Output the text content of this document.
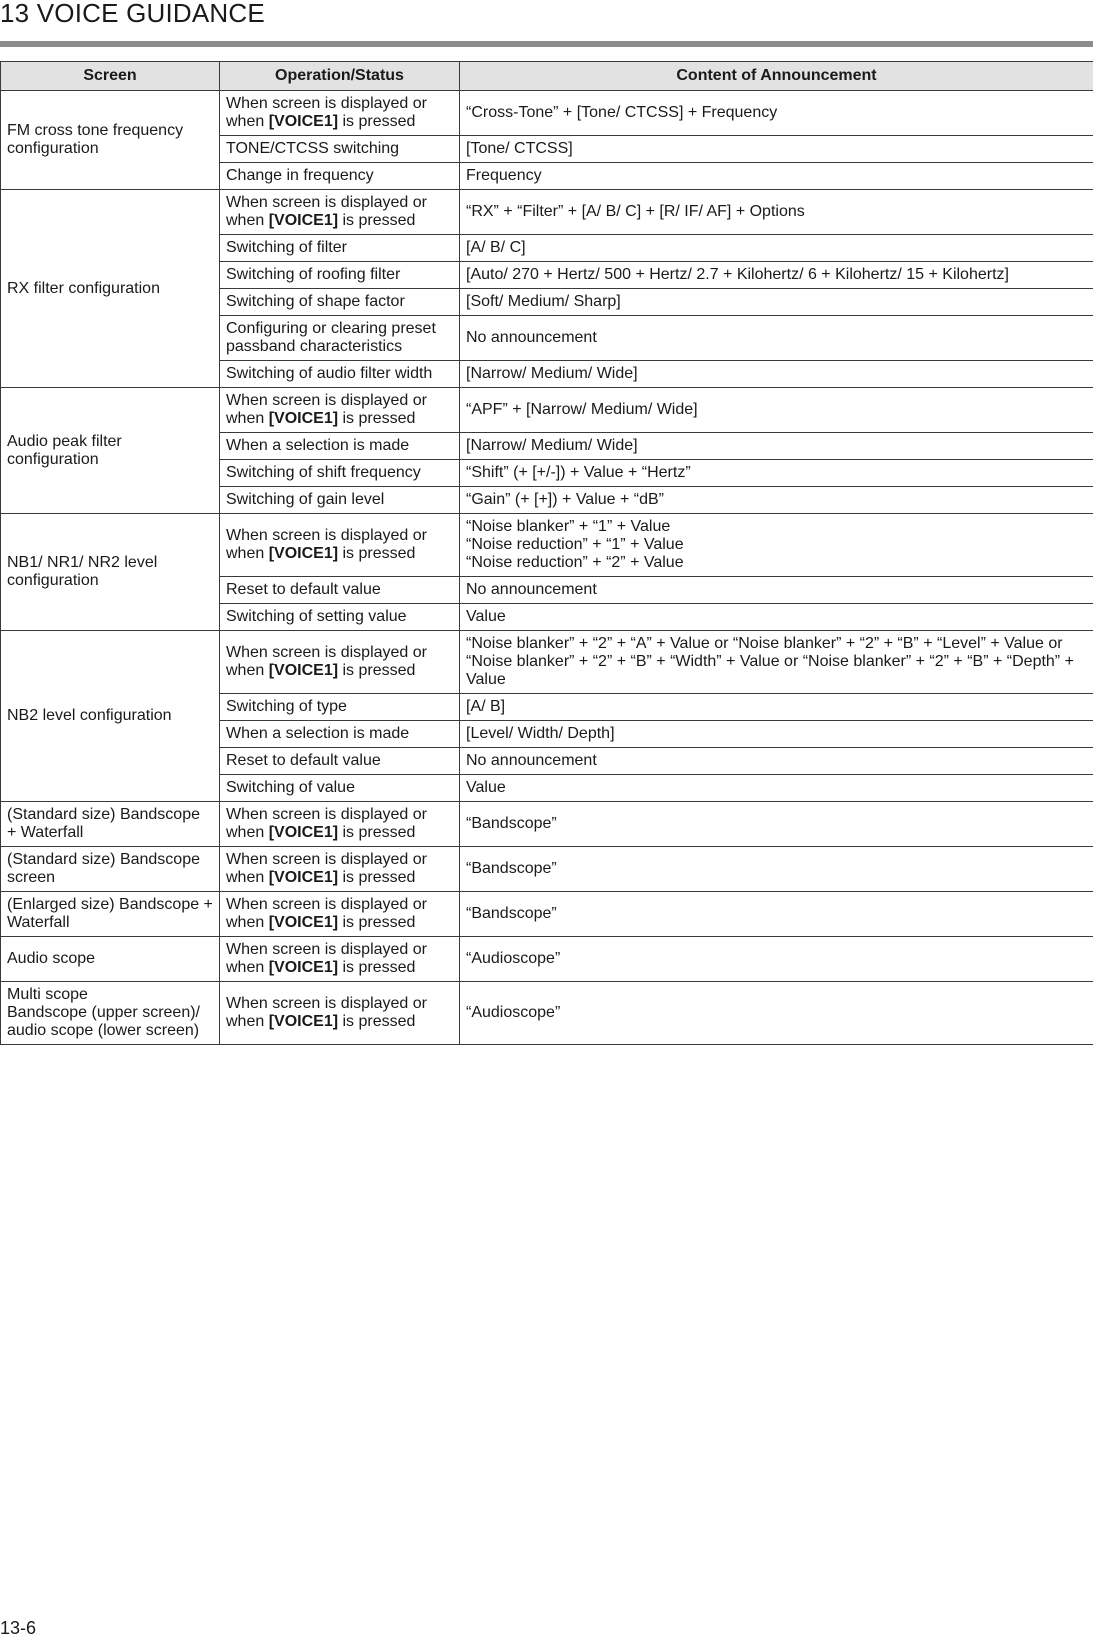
13 VOICE GUIDANCE
Screen	Operation/Status	Content of Announcement
FM cross tone frequency configuration	When screen is displayed or when [VOICE1] is pressed	“Cross-Tone” + [Tone/ CTCSS] + Frequency

	TONE/CTCSS switching	[Tone/ CTCSS]

	Change in frequency	Frequency

RX filter configuration	When screen is displayed or when [VOICE1] is pressed	“RX” + “Filter” + [A/ B/ C] + [R/ IF/ AF] + Options

	Switching of filter	[A/ B/ C]

	Switching of roofing filter	[Auto/ 270 + Hertz/ 500 + Hertz/ 2.7 + Kilohertz/ 6 + Kilohertz/ 15 + Kilohertz]

	Switching of shape factor	[Soft/ Medium/ Sharp]

	Configuring or clearing preset passband characteristics	No announcement

	Switching of audio filter width	[Narrow/ Medium/ Wide]

Audio peak filter configuration	When screen is displayed or when [VOICE1] is pressed	“APF” + [Narrow/ Medium/ Wide]

	When a selection is made	[Narrow/ Medium/ Wide]

	Switching of shift frequency	“Shift” (+ [+/-]) + Value + “Hertz”

	Switching of gain level	“Gain” (+ [+]) + Value + “dB”

NB1/ NR1/ NR2 level configuration	When screen is displayed or when [VOICE1] is pressed	“Noise blanker” + “1” + Value
“Noise reduction” + “1” + Value
“Noise reduction” + “2” + Value

	Reset to default value	No announcement

	Switching of setting value	Value

NB2 level configuration	When screen is displayed or when [VOICE1] is pressed	“Noise blanker” + “2” + “A” + Value or “Noise blanker” + “2” + “B” + “Level” + Value or “Noise blanker” + “2” + “B” + “Width” + Value or “Noise blanker” + “2” + “B” + “Depth” + Value

	Switching of type	[A/ B]

	When a selection is made	[Level/ Width/ Depth]

	Reset to default value	No announcement

	Switching of value	Value

(Standard size) Bandscope + Waterfall	When screen is displayed or when [VOICE1] is pressed	“Bandscope”

(Standard size) Bandscope screen	When screen is displayed or when [VOICE1] is pressed	“Bandscope”

(Enlarged size) Bandscope + Waterfall	When screen is displayed or when [VOICE1] is pressed	“Bandscope”

Audio scope	When screen is displayed or when [VOICE1] is pressed	“Audioscope”

Multi scope
Bandscope (upper screen)/ audio scope (lower screen)	When screen is displayed or when [VOICE1] is pressed	“Audioscope”
13-6
